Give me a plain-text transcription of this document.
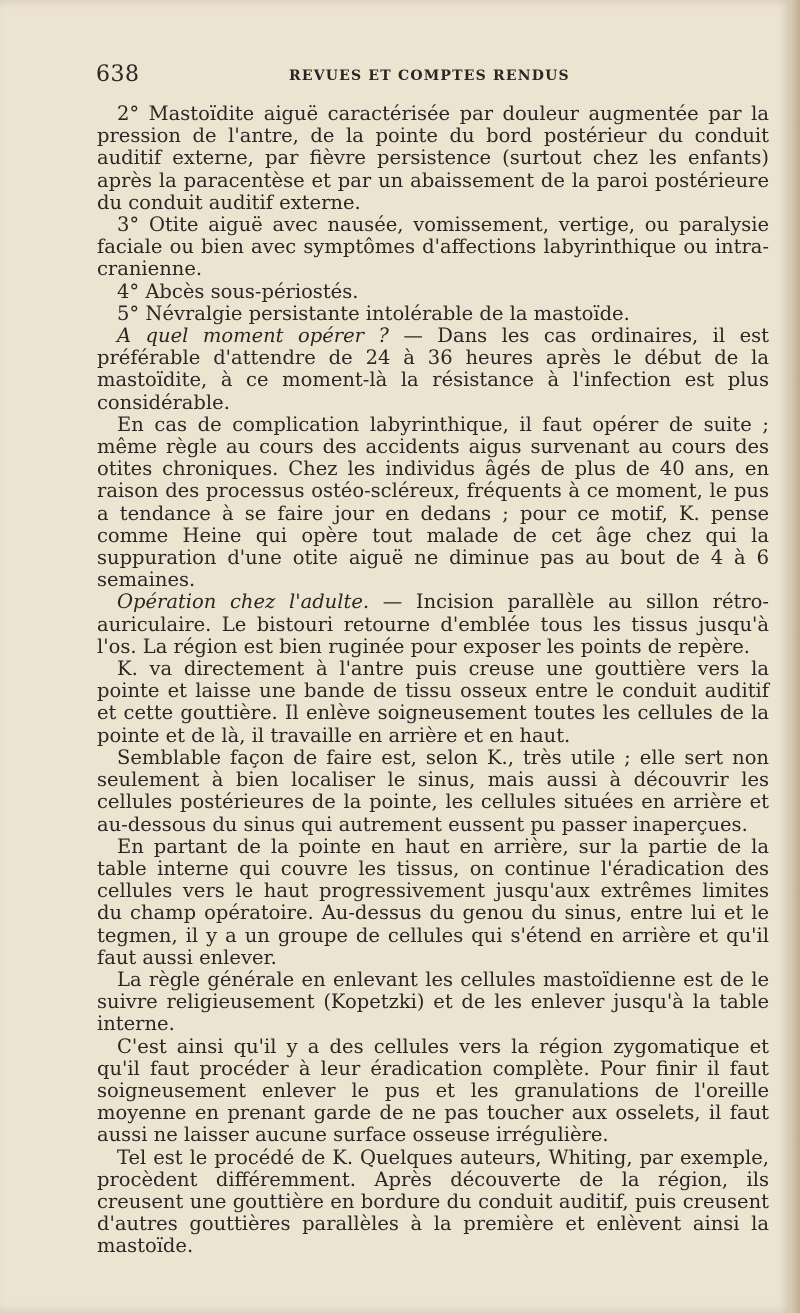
638	REVUES ET COMPTES RENDUS

2° Mastoïdite aiguë caractérisée par douleur augmentée par la pression de l'antre, de la pointe du bord postérieur du conduit auditif externe, par fièvre persistence (surtout chez les enfants) après la paracentèse et par un abaissement de la paroi postérieure du conduit auditif externe.

3° Otite aiguë avec nausée, vomissement, vertige, ou paralysie faciale ou bien avec symptômes d'affections labyrinthique ou intra-cranienne.

4° Abcès sous-périostés.

5° Névralgie persistante intolérable de la mastoïde.

A quel moment opérer ? — Dans les cas ordinaires, il est préférable d'attendre de 24 à 36 heures après le début de la mastoïdite, à ce moment-là la résistance à l'infection est plus considérable.

En cas de complication labyrinthique, il faut opérer de suite ; même règle au cours des accidents aigus survenant au cours des otites chroniques. Chez les individus âgés de plus de 40 ans, en raison des processus ostéo-scléreux, fréquents à ce moment, le pus a tendance à se faire jour en dedans ; pour ce motif, K. pense comme Heine qui opère tout malade de cet âge chez qui la suppuration d'une otite aiguë ne diminue pas au bout de 4 à 6 semaines.

Opération chez l'adulte. — Incision parallèle au sillon rétro-auriculaire. Le bistouri retourne d'emblée tous les tissus jusqu'à l'os. La région est bien ruginée pour exposer les points de repère.

K. va directement à l'antre puis creuse une gouttière vers la pointe et laisse une bande de tissu osseux entre le conduit auditif et cette gouttière. Il enlève soigneusement toutes les cellules de la pointe et de là, il travaille en arrière et en haut.

Semblable façon de faire est, selon K., très utile ; elle sert non seulement à bien localiser le sinus, mais aussi à découvrir les cellules postérieures de la pointe, les cellules situées en arrière et au-dessous du sinus qui autrement eussent pu passer inaperçues.

En partant de la pointe en haut en arrière, sur la partie de la table interne qui couvre les tissus, on continue l'éradication des cellules vers le haut progressivement jusqu'aux extrêmes limites du champ opératoire. Au-dessus du genou du sinus, entre lui et le tegmen, il y a un groupe de cellules qui s'étend en arrière et qu'il faut aussi enlever.

La règle générale en enlevant les cellules mastoïdienne est de le suivre religieusement (Kopetzki) et de les enlever jusqu'à la table interne.

C'est ainsi qu'il y a des cellules vers la région zygomatique et qu'il faut procéder à leur éradication complète. Pour finir il faut soigneusement enlever le pus et les granulations de l'oreille moyenne en prenant garde de ne pas toucher aux osselets, il faut aussi ne laisser aucune surface osseuse irrégulière.

Tel est le procédé de K. Quelques auteurs, Whiting, par exemple, procèdent différemment. Après découverte de la région, ils creusent une gouttière en bordure du conduit auditif, puis creusent d'autres gouttières parallèles à la première et enlèvent ainsi la mastoïde.
